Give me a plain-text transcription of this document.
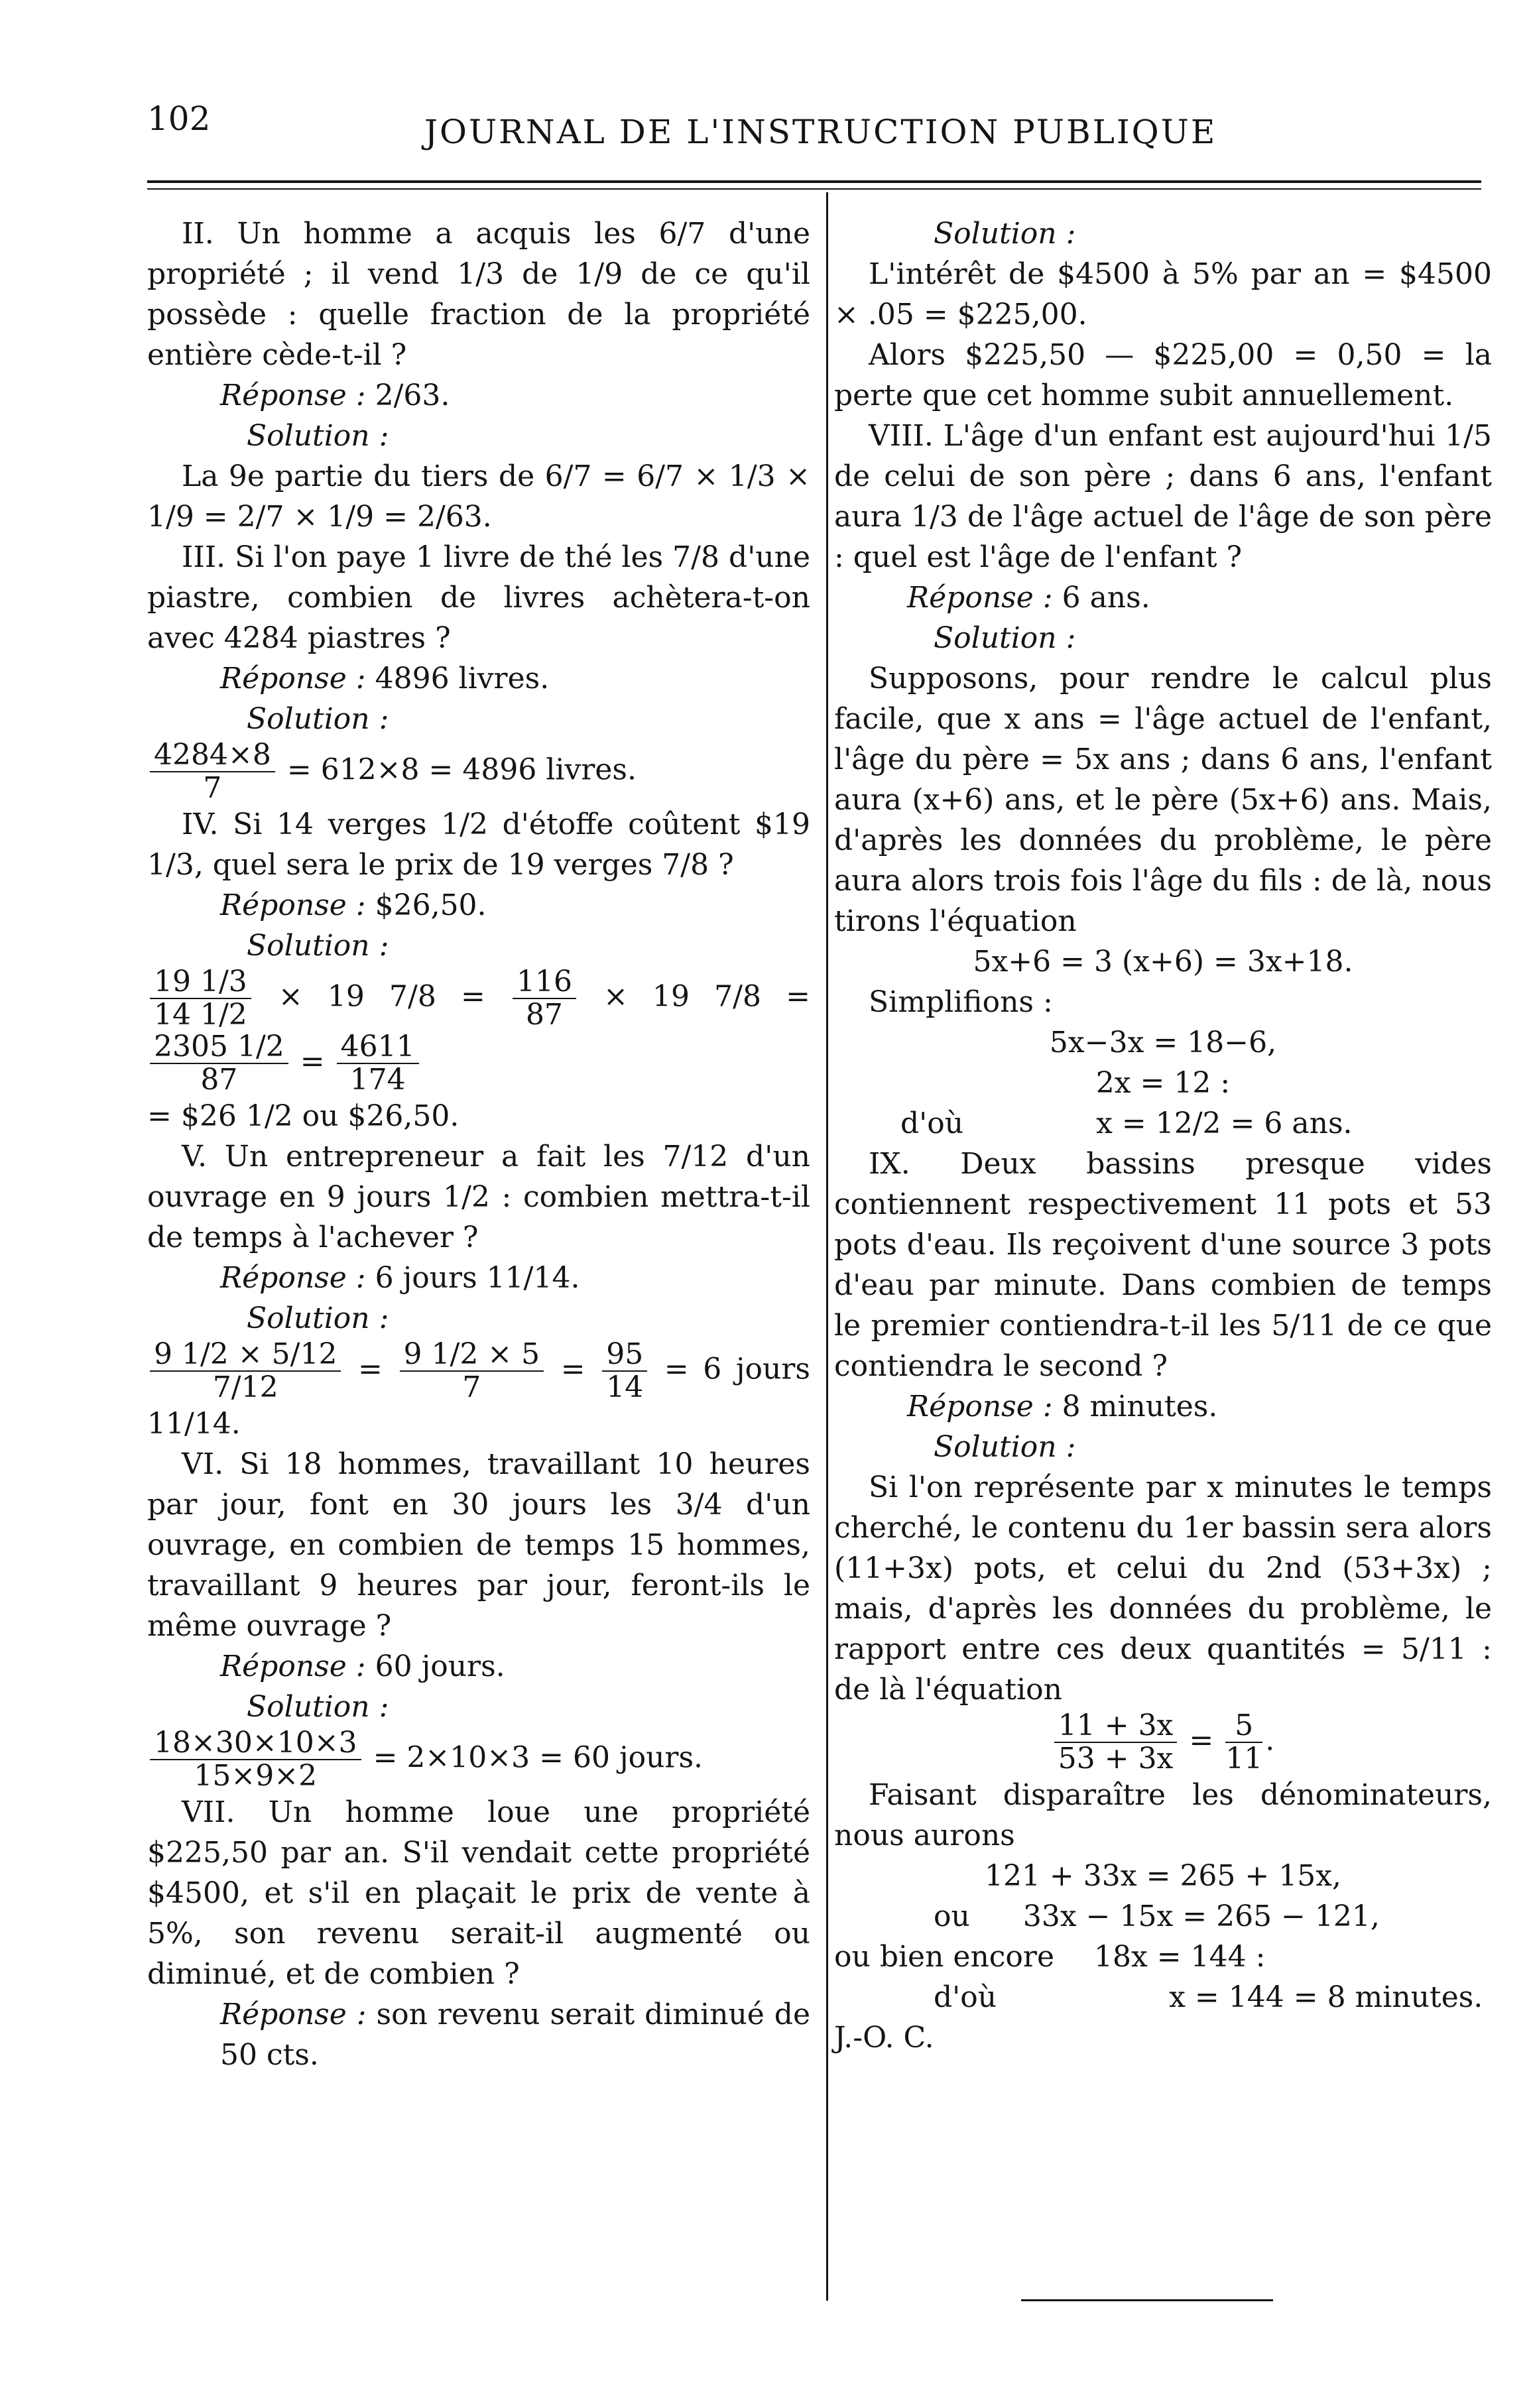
102	JOURNAL DE L'INSTRUCTION PUBLIQUE

II. Un homme a acquis les 6/7 d'une propriété ; il vend 1/3 de 1/9 de ce qu'il possède : quelle fraction de la propriété entière cède-t-il ?

Réponse : 2/63.

Solution :

La 9e partie du tiers de 6/7 = 6/7 × 1/3 × 1/9 = 2/7 × 1/9 = 2/63.

III. Si l'on paye 1 livre de thé les 7/8 d'une piastre, combien de livres achètera-t-on avec 4284 piastres ?

Réponse : 4896 livres.

Solution :

$\frac{4284\times 8}{7} = 612\times 8 = 4896$ livres.

IV. Si 14 verges 1/2 d'étoffe coûtent $19 1/3, quel sera le prix de 19 verges 7/8 ?

Réponse : $26,50.

Solution :

$\frac{19 1/3}{14 1/2} \times 19$ $7/8 = \frac{116}{87} \times 19$ 7/8 =
$\frac{2305 1/2}{87} = \frac{4611}{174}$

= $26 1/2 ou $26,50.

V. Un entrepreneur a fait les 7/12 d'un ouvrage en 9 jours 1/2 : combien mettra-t-il de temps à l'achever ?

Réponse : 6 jours 11/14.

Solution :

$\frac{9 1/2 \times 5/12}{7/12} = \frac{9 1/2 \times 5}{7} = \frac{95}{14} = 6$ jours 11/14.

VI. Si 18 hommes, travaillant 10 heures par jour, font en 30 jours les 3/4 d'un ouvrage, en combien de temps 15 hommes, travaillant 9 heures par jour, feront-ils le même ouvrage ?

Réponse : 60 jours.

Solution :

$\frac{18\times 30\times 10\times 3}{15\times 9\times 2} = 2\times 10\times 3 = 60$ jours.

VII. Un homme loue une propriété $225,50 par an. S'il vendait cette propriété $4500, et s'il en plaçait le prix de vente à 5%, son revenu serait-il augmenté ou diminué, et de combien ?

Réponse : son revenu serait diminué de 50 cts.

Solution :

L'intérêt de $4500 à 5% par an = $4500 × .05 = $225,00.

Alors $225,50 — $225,00 = 0,50 = la perte que cet homme subit annuellement.

VIII. L'âge d'un enfant est aujourd'hui 1/5 de celui de son père ; dans 6 ans, l'enfant aura 1/3 de l'âge actuel de l'âge de son père : quel est l'âge de l'enfant ?

Réponse : 6 ans.

Solution :

Supposons, pour rendre le calcul plus facile, que x ans = l'âge actuel de l'enfant, l'âge du père = 5x ans ; dans 6 ans, l'enfant aura (x+6) ans, et le père (5x+6) ans. Mais, d'après les données du problème, le père aura alors trois fois l'âge du fils : de là, nous tirons l'équation

5x+6 = 3 (x+6) = 3x+18.

Simplifions :

5x−3x = 18−6,

2x = 12 :

d'où	x = 12/2 = 6 ans.

IX. Deux bassins presque vides contiennent respectivement 11 pots et 53 pots d'eau. Ils reçoivent d'une source 3 pots d'eau par minute. Dans combien de temps le premier contiendra-t-il les 5/11 de ce que contiendra le second ?

Réponse : 8 minutes.

Solution :

Si l'on représente par x minutes le temps cherché, le contenu du 1er bassin sera alors (11+3x) pots, et celui du 2nd (53+3x) ; mais, d'après les données du problème, le rapport entre ces deux quantités = 5/11 : de là l'équation

$\frac{11 + 3x}{53 + 3x} = \frac{5}{11}$ .

Faisant disparaître les dénominateurs, nous aurons

121 + 33x = 265 + 15x,

ou 33x − 15x = 265 − 121,

ou bien encore 18x = 144 :

d'où	x = 144 = 8 minutes.

J.-O. C.
